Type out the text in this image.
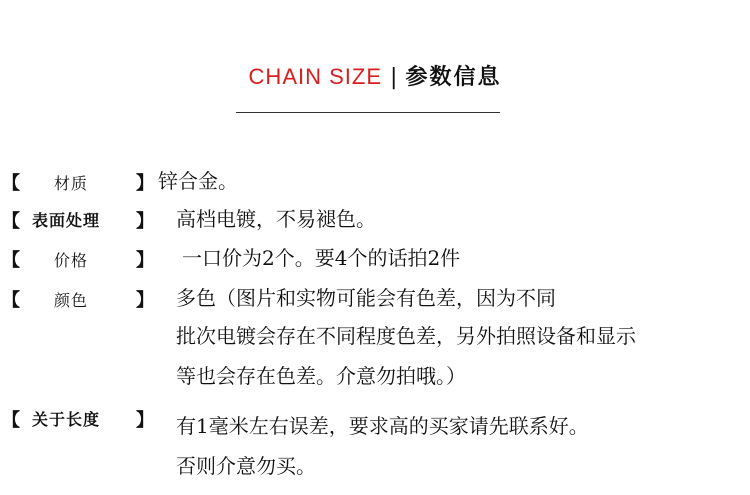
CHAIN SIZE | 参数信息
【 材质	】 锌合金。
【 表面处理 】 高档电镀，不易褪色。
【 价格	】 一口价为2个。要4个的话拍2件
【 颜色	】 多色（图片和实物可能会有色差，因为不同
批次电镀会存在不同程度色差，另外拍照设备和显示
等也会存在色差。介意勿拍哦。）
【 关于长度 】 有1毫米左右误差，要求高的买家请先联系好。
否则介意勿买。
